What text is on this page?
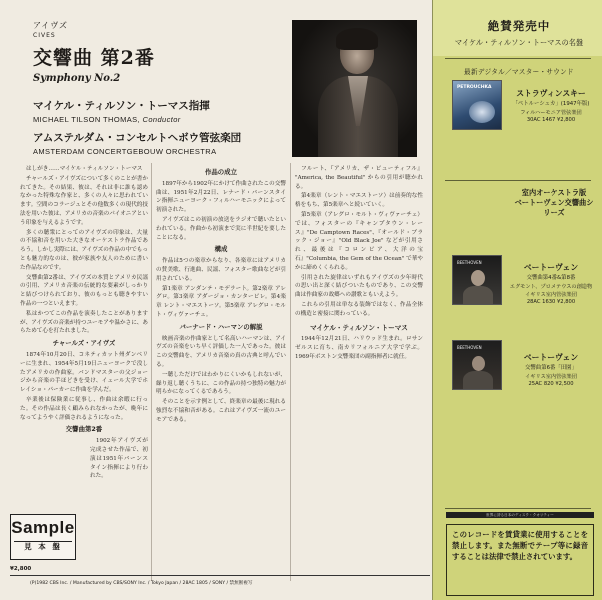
アイヴズ
CIVES
交響曲 第2番
Symphony No.2
マイケル・ティルソン・トーマス指揮
MICHAEL TILSON THOMAS, Conductor
アムステルダム・コンセルトヘボウ管弦楽団
AMSTERDAM CONCERTGEBOUW ORCHESTRA

はしがき……マイケル・ティルソン・トーマス

チャールズ・アイヴズについて多くのことが書かれてきた。その結果、彼は、それは非に誰も認めなかった特殊な作家と、多くの人々に思われています。空間のコラージュとその他数多くの現代的技法を用いた彼は、アメリカの音楽のパイオニアという印象を与えるようです。

多くの聴衆にとってのアイヴズの印象は、大量の不協和音を用いた大きなオーケストラ作品であろう。しかし実際には、アイヴズの作品の中でもっとも魅力的なのは、彼が家族や友人のために書いた作品なのです。

交響曲第2番は、アイヴズの本質とアメリカ民謡の引用、アメリカ音楽の伝統的な要素がしっかりと結びつけられており、彼のもっとも聴きやすい作品の一つといえます。

私はかつてこの作品を演奏したことがありますが、アイヴズの音楽が持つユーモアや温かさに、あらためて心を打たれました。

チャールズ・アイヴズ

1874年10月20日、コネティカット州ダンベリーに生まれ、1954年5月19日ニューヨークで没したアメリカの作曲家。バンドマスターの父ジョージから音楽の手ほどきを受け、イェール大学でホレイショ・パーカーに作曲を学んだ。

卒業後は保険業に従事し、作曲は余暇に行った。その作品は長く顧みられなかったが、晩年になってようやく評価されるようになった。

交響曲第2番

1902年アイヴズが完成させた作品で、初演は1951年バーンスタイン指揮により行われた。

作品の成立

1897年から1902年にかけて作曲されたこの交響曲は、1951年2月22日、レナード・バーンスタイン指揮ニューヨーク・フィルハーモニックによって初演された。

アイヴズはこの初演の放送をラジオで聴いたといわれている。作曲から初演まで実に半世紀を要したことになる。

構成

作品は5つの楽章からなり、各楽章にはアメリカの賛美歌、行進曲、民謡、フォスター歌曲などが引用されている。

第1楽章 アンダンテ・モデラート。第2楽章 アレグロ。第3楽章 アダージョ・カンタービレ。第4楽章 レント・マエストーソ。第5楽章 アレグロ・モルト・ヴィヴァーチェ。

バーナード・ハーマンの解説

映画音楽の作曲家として名高いハーマンは、アイヴズの音楽をいち早く評価した一人であった。彼はこの交響曲を、アメリカ音楽の真の古典と呼んでいる。

一聴しただけではわかりにくいかもしれないが、繰り返し聴くうちに、この作品の持つ独特の魅力が明らかになってくるであろう。

そのことを示す例として、終楽章の最後に現れる強烈な不協和音がある。これはアイヴズ一流のユーモアである。

フルート、『アメリカ、ザ・ビューティフル』 "America, the Beautiful" からの引用が聴かれる。

第4楽章（レント・マエストーソ）は前奏的な性格をもち、第5楽章へと続いていく。

第5楽章（アレグロ・モルト・ヴィヴァーチェ）では、フォスターの『キャンプタウン・レース』"De Camptown Races"、『オールド・ブラック・ジョー』"Old Black Joe" などが引用され、最後は『コロンビア、大洋の宝石』"Columbia, the Gem of the Ocean" で華やかに締めくくられる。

引用された旋律はいずれもアイヴズの少年時代の思い出と深く結びついたものであり、この交響曲は作曲家の故郷への讃歌ともいえよう。

これらの引用は単なる装飾ではなく、作品全体の構造と密接に関わっている。

マイケル・ティルソン・トーマス

1944年12月21日、ハリウッド生まれ。ロサンゼルスに育ち、南カリフォルニア大学で学ぶ。1969年ボストン交響楽団の副指揮者に就任。

Sample
見 本 盤
¥2,800
(P)1982 CBS Inc. / Manufactured by CBS/SONY Inc. / Tokyo Japan / 28AC 1805 / SONY / 禁無断複写
絶賛発売中
マイケル・ティルソン・トーマスの名盤
最新デジタル／マスター・サウンド
PETROUCHKA
ストラヴィンスキー
「ペトルーシュカ」(1947年版)
フィルハーモニア管弦楽団
30AC 1467 ¥2,800
室内オーケストラ版
ベートーヴェン交響曲シリーズ
BEETHOVEN
ベートーヴェン
交響曲第4番&第8番
エグモント、プロメテウスの創造物
イギリス室内管弦楽団
28AC 1630 ¥2,800
BEETHOVEN
ベートーヴェン
交響曲第6番「田園」
イギリス室内管弦楽団
25AC 820 ¥2,500
世界に誇る日本のディスク・クオリティー
このレコードを賃貸業に使用することを禁止します。また無断でテープ等に録音することは法律で禁止されています。
